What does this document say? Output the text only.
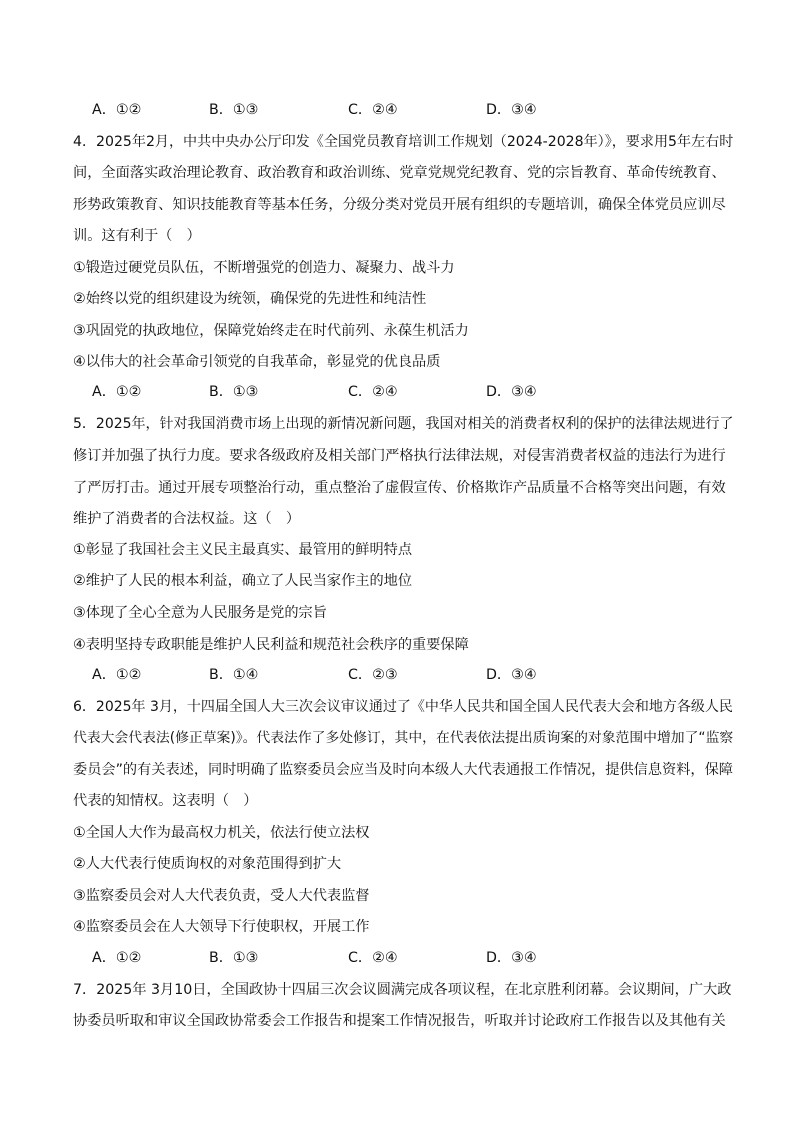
A．①②	B．①③	C．②④	D．③④
4．2025年2月，中共中央办公厅印发《全国党员教育培训工作规划（2024-2028年）》，要求用5年左右时
间，全面落实政治理论教育、政治教育和政治训练、党章党规党纪教育、党的宗旨教育、革命传统教育、
形势政策教育、知识技能教育等基本任务，分级分类对党员开展有组织的专题培训，确保全体党员应训尽
训。这有利于（　）
①锻造过硬党员队伍，不断增强党的创造力、凝聚力、战斗力
②始终以党的组织建设为统领，确保党的先进性和纯洁性
③巩固党的执政地位，保障党始终走在时代前列、永葆生机活力
④以伟大的社会革命引领党的自我革命，彰显党的优良品质
A．①②	B．①③	C．②④	D．③④
5．2025年，针对我国消费市场上出现的新情况新问题，我国对相关的消费者权利的保护的法律法规进行了
修订并加强了执行力度。要求各级政府及相关部门严格执行法律法规，对侵害消费者权益的违法行为进行
了严厉打击。通过开展专项整治行动，重点整治了虚假宣传、价格欺诈产品质量不合格等突出问题，有效
维护了消费者的合法权益。这（　）
①彰显了我国社会主义民主最真实、最管用的鲜明特点
②维护了人民的根本利益，确立了人民当家作主的地位
③体现了全心全意为人民服务是党的宗旨
④表明坚持专政职能是维护人民利益和规范社会秩序的重要保障
A．①②	B．①④	C．②③	D．③④
6．2025年 3月，十四届全国人大三次会议审议通过了《中华人民共和国全国人民代表大会和地方各级人民
代表大会代表法(修正草案)》。代表法作了多处修订，其中，在代表依法提出质询案的对象范围中增加了“监察
委员会”的有关表述，同时明确了监察委员会应当及时向本级人大代表通报工作情况，提供信息资料，保障
代表的知情权。这表明（　）
①全国人大作为最高权力机关，依法行使立法权
②人大代表行使质询权的对象范围得到扩大
③监察委员会对人大代表负责，受人大代表监督
④监察委员会在人大领导下行使职权，开展工作
A．①②	B．①③	C．②④	D．③④
7．2025年 3月10日，全国政协十四届三次会议圆满完成各项议程，在北京胜利闭幕。会议期间，广大政
协委员听取和审议全国政协常委会工作报告和提案工作情况报告，听取并讨论政府工作报告以及其他有关
